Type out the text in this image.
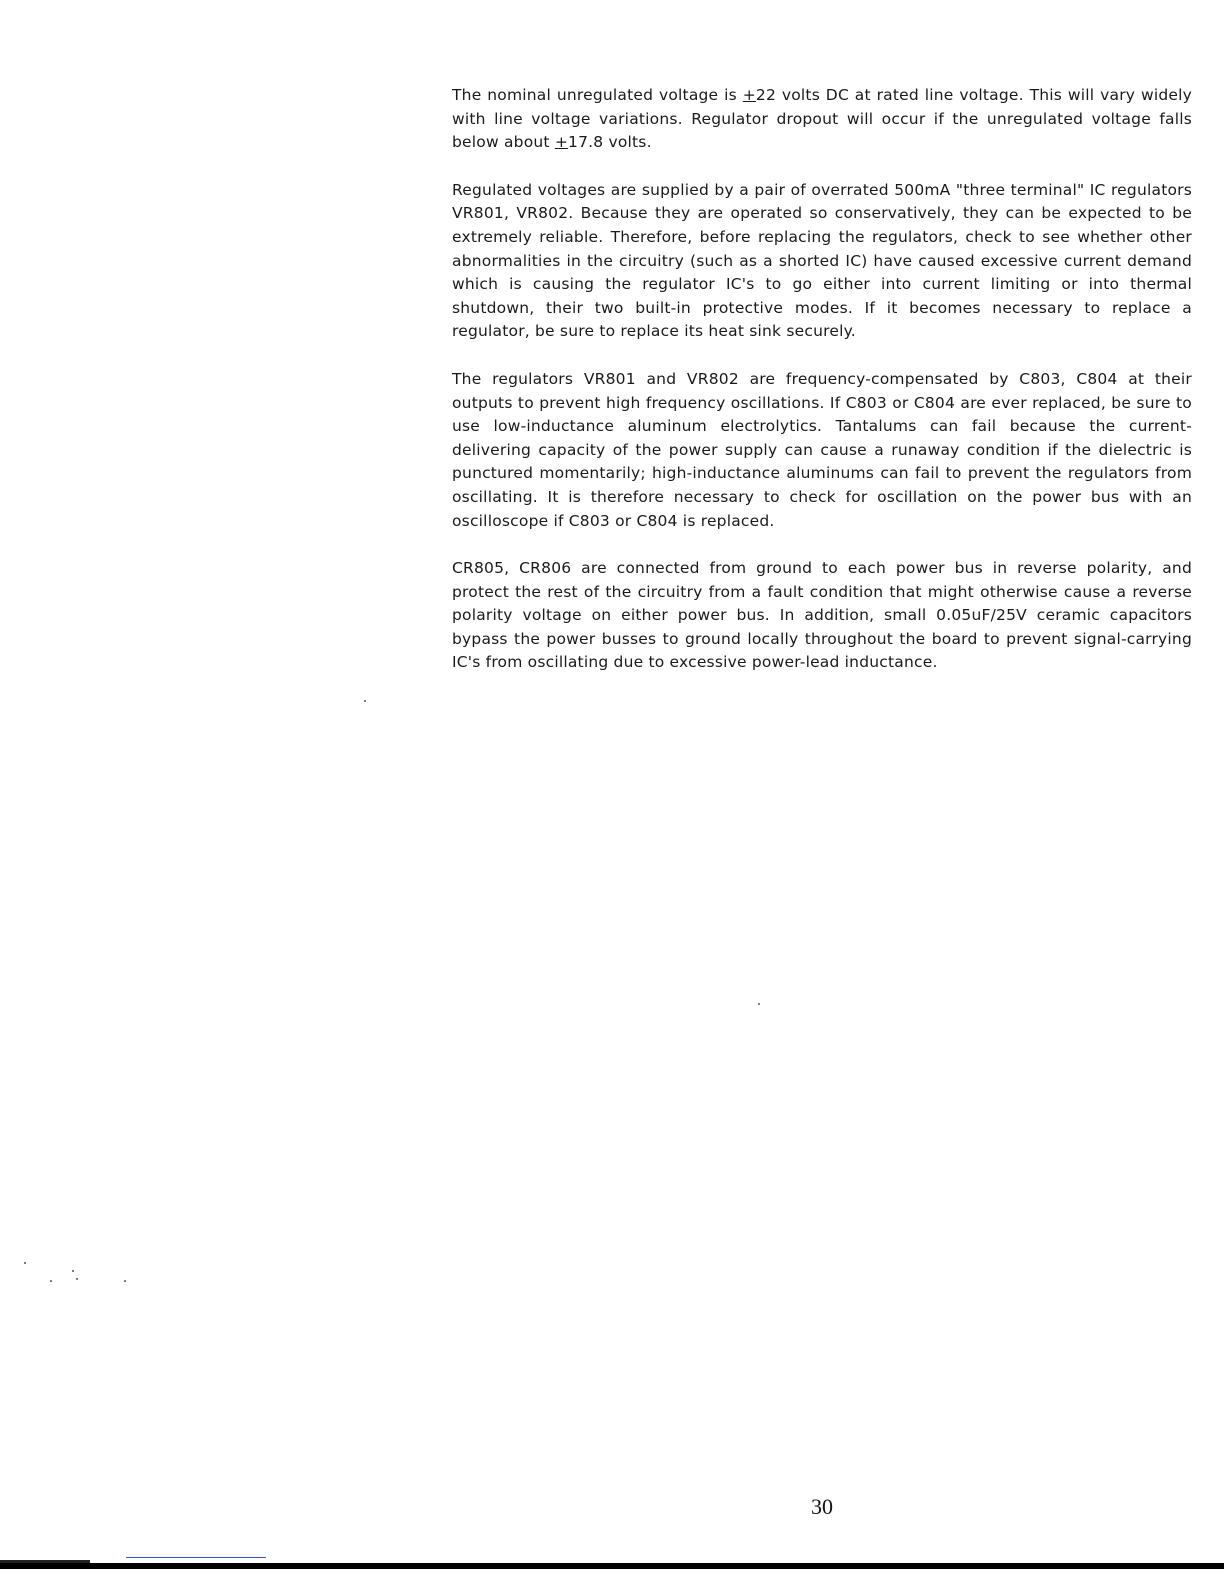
The nominal unregulated voltage is +22 volts DC at rated line voltage. This will vary widely with line voltage variations. Regulator dropout will occur if the unregulated voltage falls below about +17.8 volts.

Regulated voltages are supplied by a pair of overrated 500mA "three terminal" IC regulators VR801, VR802. Because they are operated so conservatively, they can be expected to be extremely reliable. Therefore, before replacing the regulators, check to see whether other abnormalities in the circuitry (such as a shorted IC) have caused excessive current demand which is causing the regulator IC's to go either into current limiting or into thermal shutdown, their two built-in protective modes. If it becomes necessary to replace a regulator, be sure to replace its heat sink securely.

The regulators VR801 and VR802 are frequency-compensated by C803, C804 at their outputs to prevent high frequency oscillations. If C803 or C804 are ever replaced, be sure to use low-inductance aluminum electrolytics. Tantalums can fail because the current-delivering capacity of the power supply can cause a runaway condition if the dielectric is punctured momentarily; high-inductance aluminums can fail to prevent the regulators from oscillating. It is therefore necessary to check for oscillation on the power bus with an oscilloscope if C803 or C804 is replaced.

CR805, CR806 are connected from ground to each power bus in reverse polarity, and protect the rest of the circuitry from a fault condition that might otherwise cause a reverse polarity voltage on either power bus. In addition, small 0.05uF/25V ceramic capacitors bypass the power busses to ground locally throughout the board to prevent signal-carrying IC's from oscillating due to excessive power-lead inductance.

30
